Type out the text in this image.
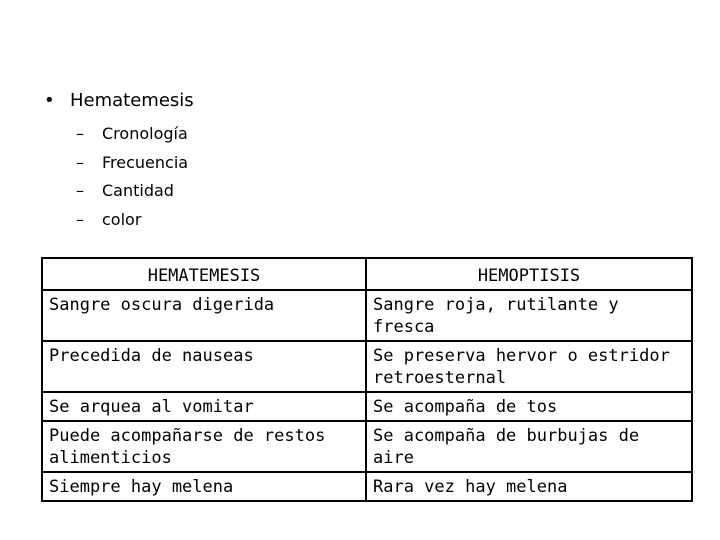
• Hematemesis
–	Cronología
–	Frecuencia
–	Cantidad
–	color
HEMATEMESIS	HEMOPTISIS
Sangre oscura digerida	Sangre roja, rutilante y fresca
Precedida de nauseas	Se preserva hervor o estridor retroesternal
Se arquea al vomitar	Se acompaña de tos
Puede acompañarse de restos alimenticios	Se acompaña de burbujas de aire
Siempre hay melena	Rara vez hay melena
